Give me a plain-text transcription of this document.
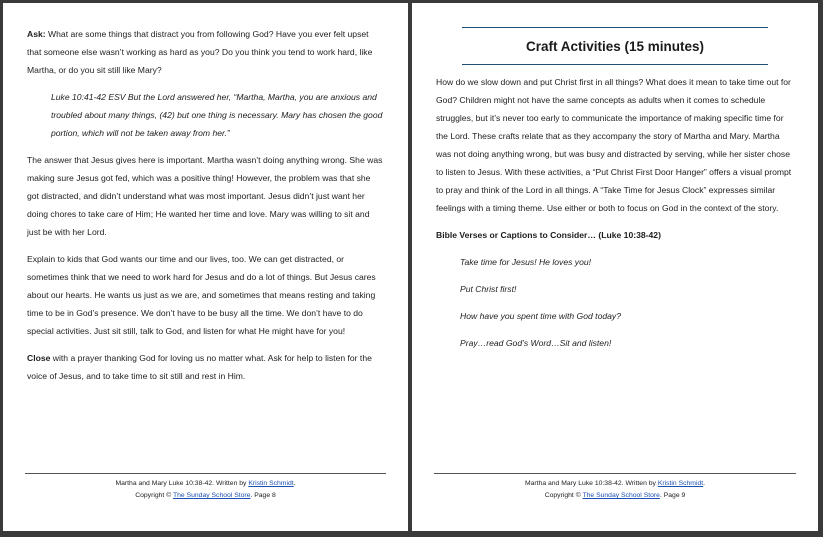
Ask: What are some things that distract you from following God? Have you ever felt upset that someone else wasn’t working as hard as you? Do you think you tend to work hard, like Martha, or do you sit still like Mary?

Luke 10:41-42 ESV But the Lord answered her, “Martha, Martha, you are anxious and troubled about many things, (42) but one thing is necessary. Mary has chosen the good portion, which will not be taken away from her.”

The answer that Jesus gives here is important. Martha wasn’t doing anything wrong. She was making sure Jesus got fed, which was a positive thing! However, the problem was that she got distracted, and didn’t understand what was most important. Jesus didn’t just want her doing chores to take care of Him; He wanted her time and love. Mary was willing to sit and just be with her Lord.

Explain to kids that God wants our time and our lives, too. We can get distracted, or sometimes think that we need to work hard for Jesus and do a lot of things. But Jesus cares about our hearts. He wants us just as we are, and sometimes that means resting and taking time to be in God’s presence. We don’t have to be busy all the time. We don’t have to do special activities. Just sit still, talk to God, and listen for what He might have for you!

Close with a prayer thanking God for loving us no matter what. Ask for help to listen for the voice of Jesus, and to take time to sit still and rest in Him.

Martha and Mary Luke 10:38-42. Written by Kristin Schmidt.
Copyright © The Sunday School Store. Page 8
Craft Activities (15 minutes)

How do we slow down and put Christ first in all things? What does it mean to take time out for God? Children might not have the same concepts as adults when it comes to schedule struggles, but it’s never too early to communicate the importance of making specific time for the Lord. These crafts relate that as they accompany the story of Martha and Mary. Martha was not doing anything wrong, but was busy and distracted by serving, while her sister chose to listen to Jesus. With these activities, a “Put Christ First Door Hanger” offers a visual prompt to pray and think of the Lord in all things. A “Take Time for Jesus Clock” expresses similar feelings with a timing theme. Use either or both to focus on God in the context of the story.

Bible Verses or Captions to Consider… (Luke 10:38-42)

Take time for Jesus! He loves you!

Put Christ first!

How have you spent time with God today?

Pray…read God’s Word…Sit and listen!

Martha and Mary Luke 10:38-42. Written by Kristin Schmidt.
Copyright © The Sunday School Store. Page 9
